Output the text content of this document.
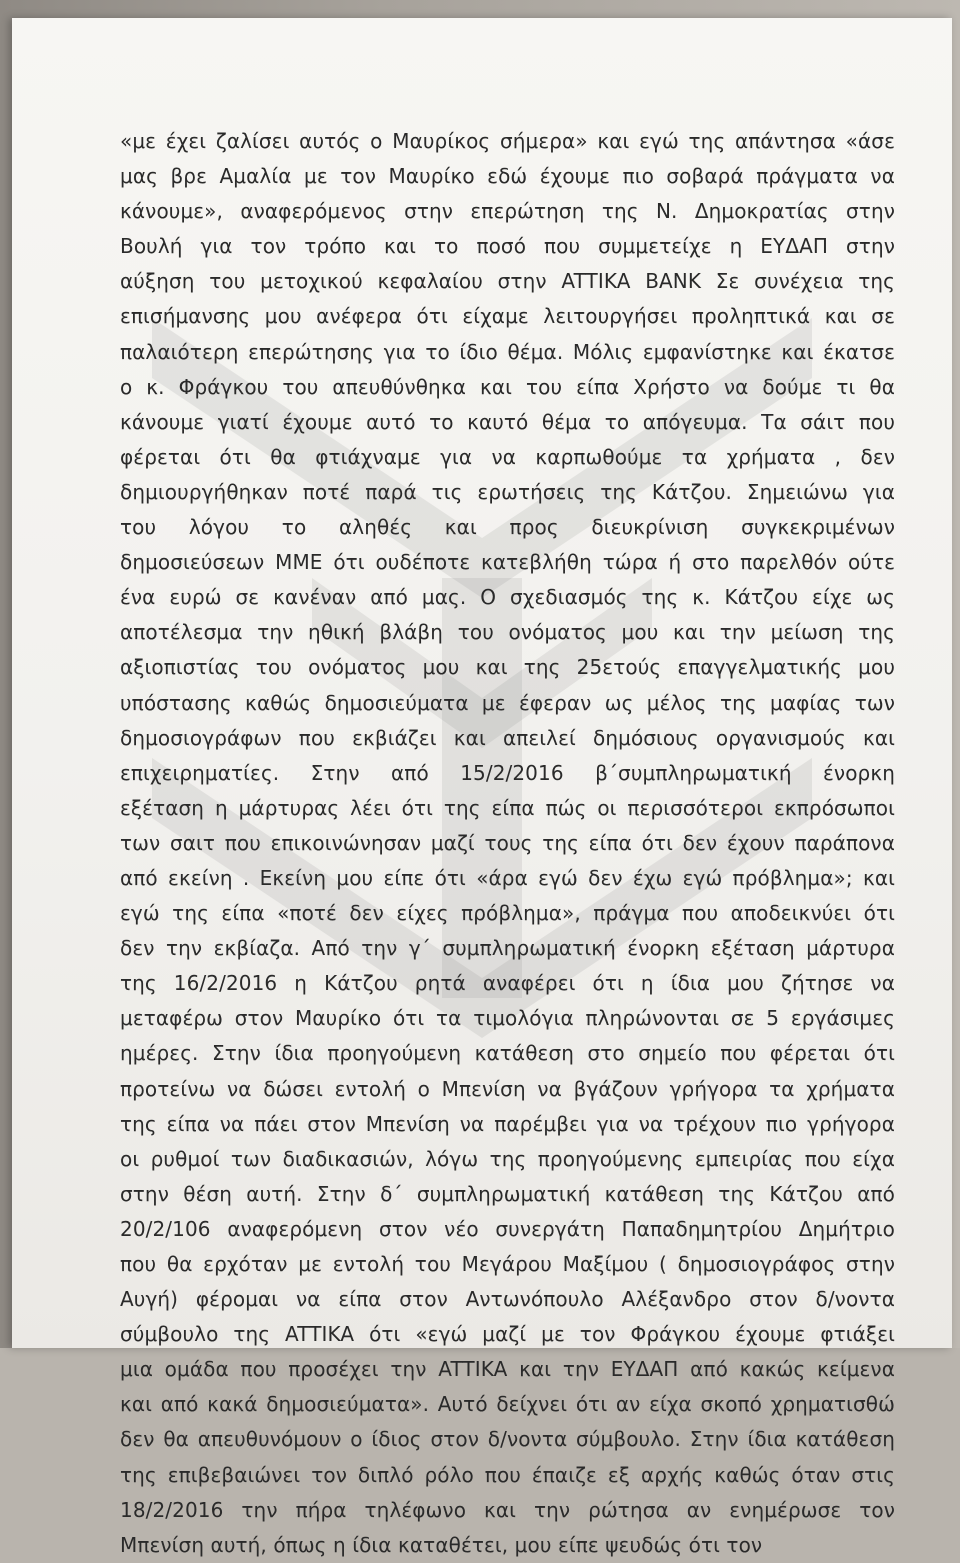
«με έχει ζαλίσει αυτός ο Μαυρίκος σήμερα» και εγώ της απάντησα «άσε
μας βρε Αμαλία με τον Μαυρίκο εδώ έχουμε πιο σοβαρά πράγματα να
κάνουμε», αναφερόμενος στην επερώτηση της Ν. Δημοκρατίας στην
Βουλή για τον τρόπο και το ποσό που συμμετείχε η ΕΥΔΑΠ στην
αύξηση του μετοχικού κεφαλαίου στην ATTIKA BANK Σε συνέχεια της
επισήμανσης μου ανέφερα ότι είχαμε λειτουργήσει προληπτικά και σε
παλαιότερη επερώτησης για το ίδιο θέμα. Μόλις εμφανίστηκε και έκατσε
ο κ. Φράγκου του απευθύνθηκα και του είπα Χρήστο να δούμε τι θα
κάνουμε γιατί έχουμε αυτό το καυτό θέμα το απόγευμα. Τα σάιτ που
φέρεται ότι θα φτιάχναμε για να καρπωθούμε τα χρήματα , δεν
δημιουργήθηκαν ποτέ παρά τις ερωτήσεις της Κάτζου. Σημειώνω για
του λόγου το αληθές και προς διευκρίνιση συγκεκριμένων
δημοσιεύσεων ΜΜΕ ότι ουδέποτε κατεβλήθη τώρα ή στο παρελθόν ούτε
ένα ευρώ σε κανέναν από μας. Ο σχεδιασμός της κ. Κάτζου είχε ως
αποτέλεσμα την ηθική βλάβη του ονόματος μου και την μείωση της
αξιοπιστίας του ονόματος μου και της 25ετούς επαγγελματικής μου
υπόστασης καθώς δημοσιεύματα με έφεραν ως μέλος της μαφίας των
δημοσιογράφων που εκβιάζει και απειλεί δημόσιους οργανισμούς και
επιχειρηματίες. Στην από 15/2/2016 β΄συμπληρωματική ένορκη
εξέταση η μάρτυρας λέει ότι της είπα πώς οι περισσότεροι εκπρόσωποι
των σαιτ που επικοινώνησαν μαζί τους της είπα ότι δεν έχουν παράπονα
από εκείνη . Εκείνη μου είπε ότι «άρα εγώ δεν έχω εγώ πρόβλημα»; και
εγώ της είπα «ποτέ δεν είχες πρόβλημα», πράγμα που αποδεικνύει ότι
δεν την εκβίαζα. Από την γ΄ συμπληρωματική ένορκη εξέταση μάρτυρα
της 16/2/2016 η Κάτζου ρητά αναφέρει ότι η ίδια μου ζήτησε να
μεταφέρω στον Μαυρίκο ότι τα τιμολόγια πληρώνονται σε 5 εργάσιμες
ημέρες. Στην ίδια προηγούμενη κατάθεση στο σημείο που φέρεται ότι
προτείνω να δώσει εντολή ο Μπενίση να βγάζουν γρήγορα τα χρήματα
της είπα να πάει στον Μπενίση να παρέμβει για να τρέχουν πιο γρήγορα
οι ρυθμοί των διαδικασιών, λόγω της προηγούμενης εμπειρίας που είχα
στην θέση αυτή. Στην δ΄ συμπληρωματική κατάθεση της Κάτζου από
20/2/106 αναφερόμενη στον νέο συνεργάτη Παπαδημητρίου Δημήτριο
που θα ερχόταν με εντολή του Μεγάρου Μαξίμου ( δημοσιογράφος στην
Αυγή) φέρομαι να είπα στον Αντωνόπουλο Αλέξανδρο στον δ/νοντα
σύμβουλο της ATTIKA ότι «εγώ μαζί με τον Φράγκου έχουμε φτιάξει
μια ομάδα που προσέχει την ATTIKA και την ΕΥΔΑΠ από κακώς κείμενα
και από κακά δημοσιεύματα». Αυτό δείχνει ότι αν είχα σκοπό χρηματισθώ
δεν θα απευθυνόμουν ο ίδιος στον δ/νοντα σύμβουλο. Στην ίδια κατάθεση
της επιβεβαιώνει τον διπλό ρόλο που έπαιζε εξ αρχής καθώς όταν στις
18/2/2016 την πήρα τηλέφωνο και την ρώτησα αν ενημέρωσε τον
Μπενίση αυτή, όπως η ίδια καταθέτει, μου είπε ψευδώς ότι τον
